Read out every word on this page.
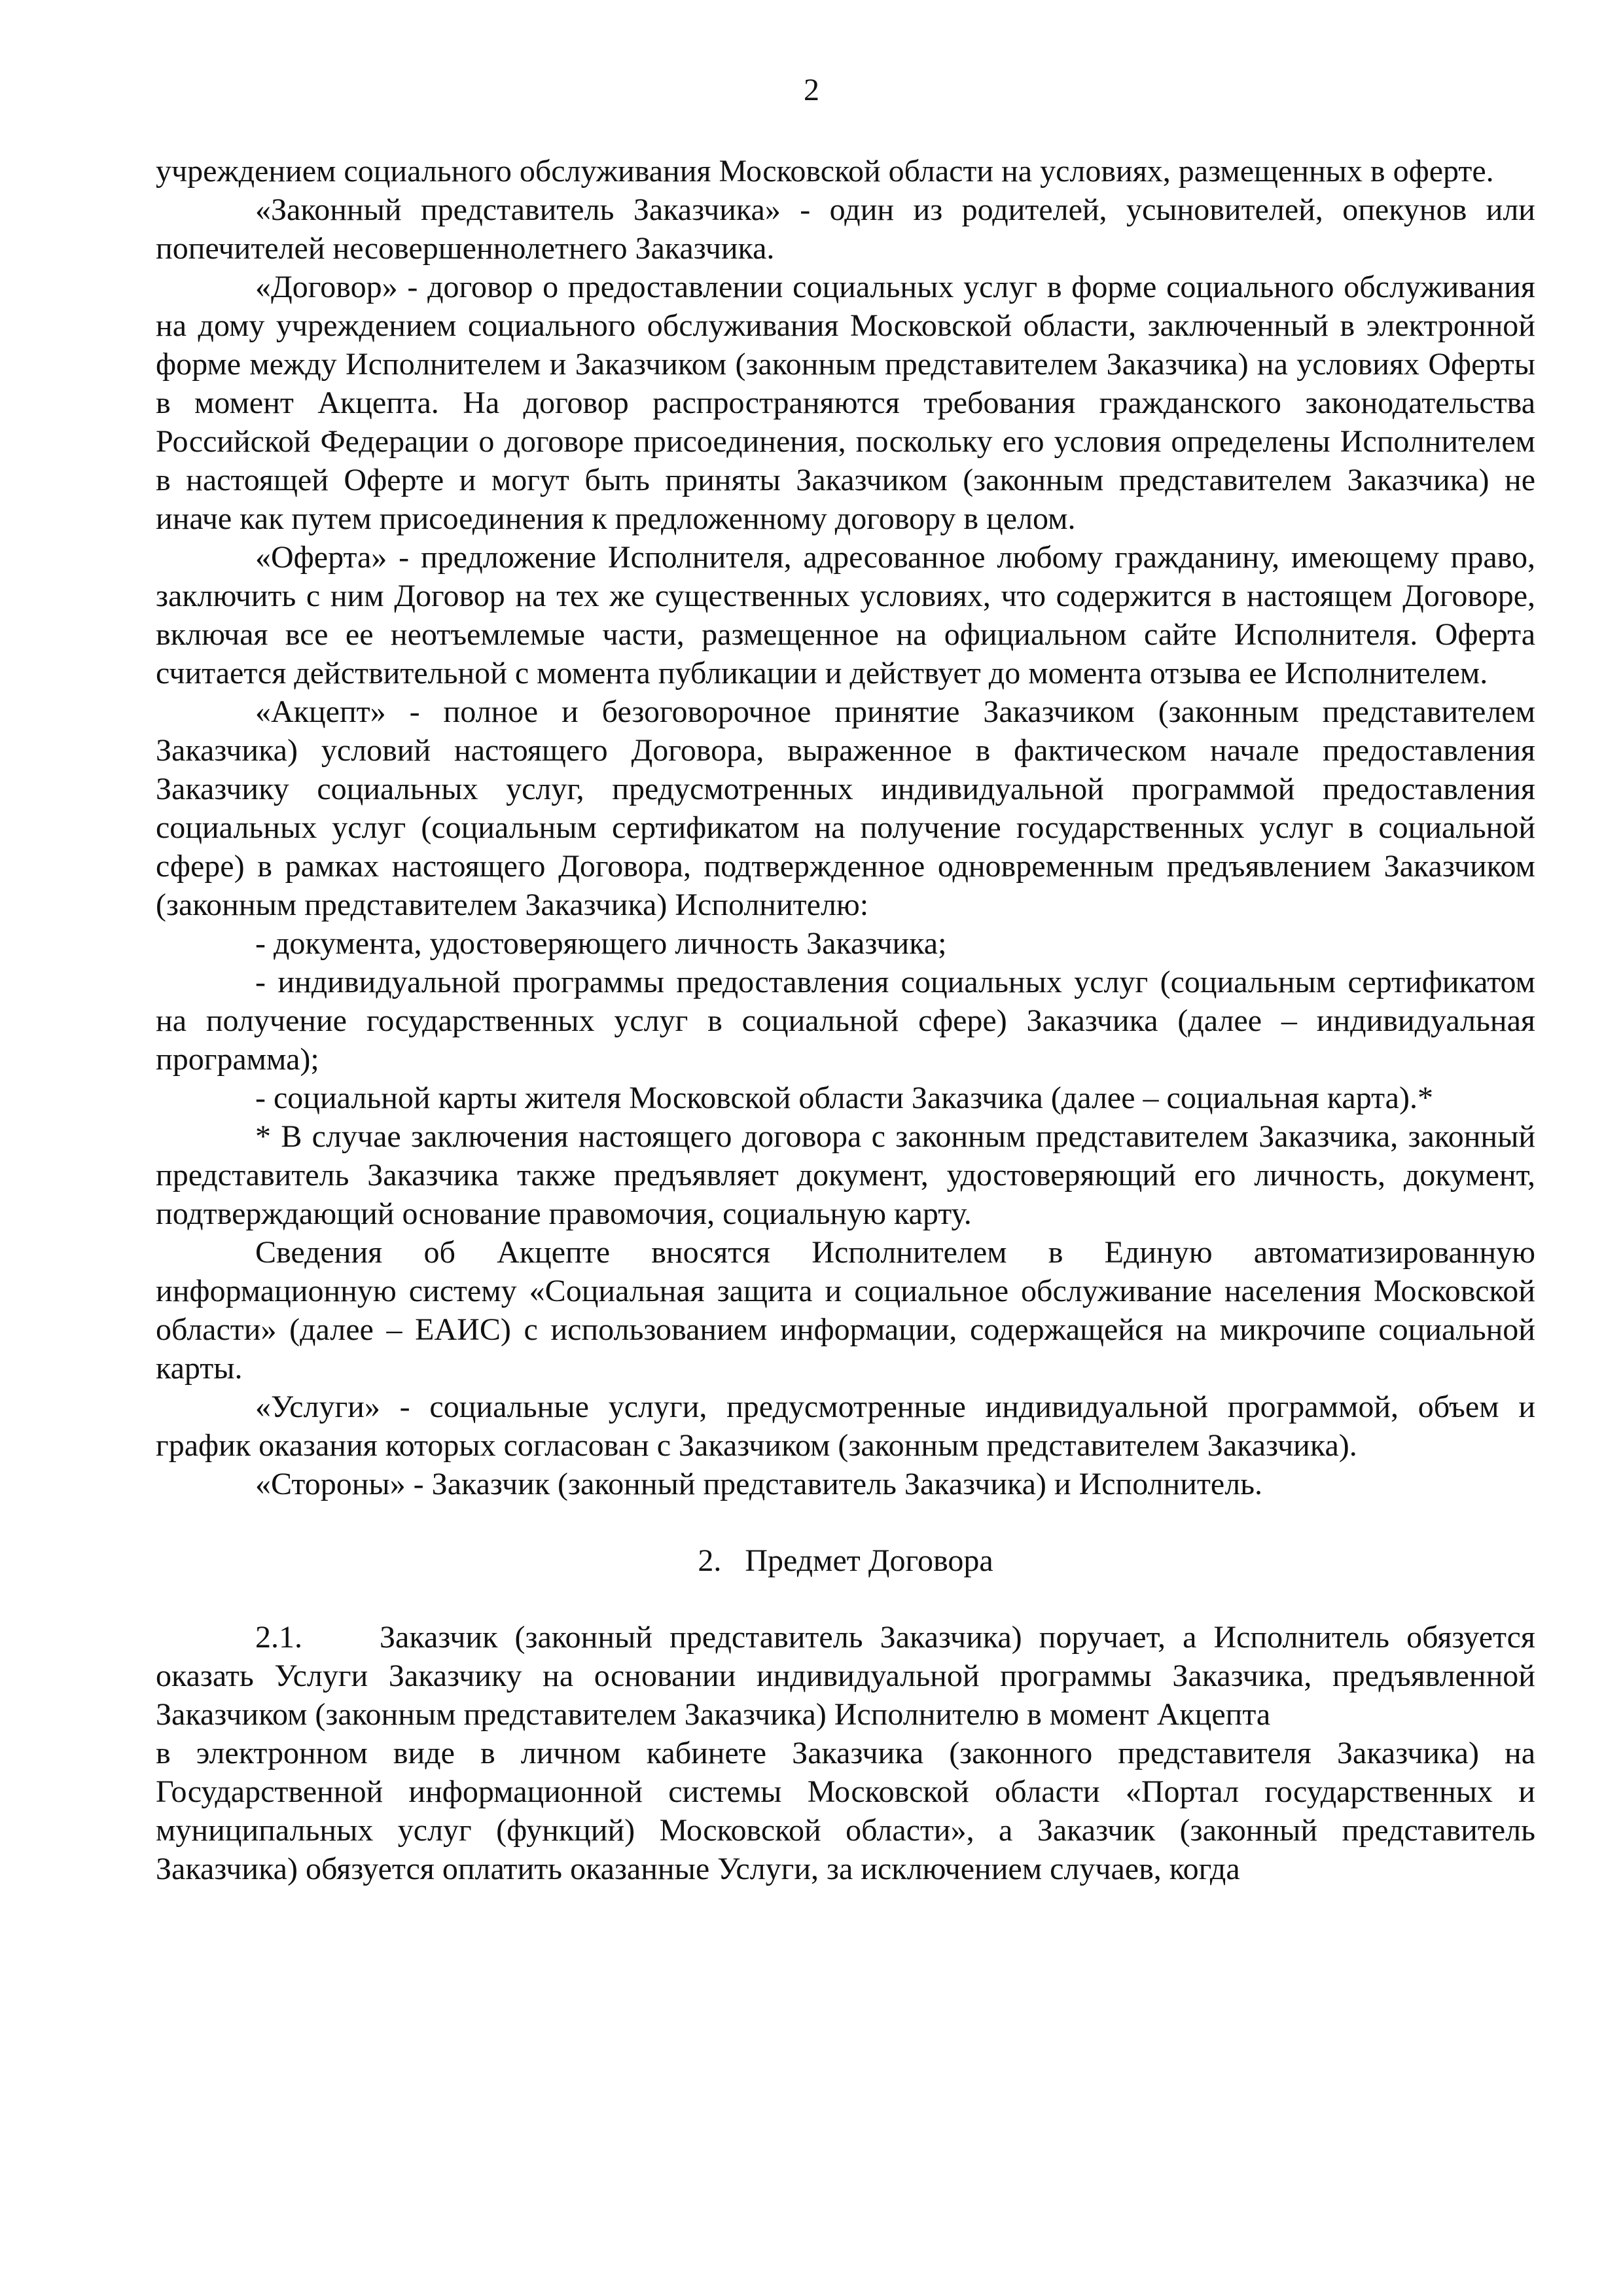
2

учреждением социального обслуживания Московской области на условиях, размещенных в оферте.

«Законный представитель Заказчика» - один из родителей, усыновителей, опекунов или попечителей несовершеннолетнего Заказчика.

«Договор» - договор о предоставлении социальных услуг в форме социального обслуживания на дому учреждением социального обслуживания Московской области, заключенный в электронной форме между Исполнителем и Заказчиком (законным представителем Заказчика) на условиях Оферты в момент Акцепта. На договор распространяются требования гражданского законодательства Российской Федерации о договоре присоединения, поскольку его условия определены Исполнителем в настоящей Оферте и могут быть приняты Заказчиком (законным представителем Заказчика) не иначе как путем присоединения к предложенному договору в целом.

«Оферта» - предложение Исполнителя, адресованное любому гражданину, имеющему право, заключить с ним Договор на тех же существенных условиях, что содержится в настоящем Договоре, включая все ее неотъемлемые части, размещенное на официальном сайте Исполнителя. Оферта считается действительной с момента публикации и действует до момента отзыва ее Исполнителем.

«Акцепт» - полное и безоговорочное принятие Заказчиком (законным представителем Заказчика) условий настоящего Договора, выраженное в фактическом начале предоставления Заказчику социальных услуг, предусмотренных индивидуальной программой предоставления социальных услуг (социальным сертификатом на получение государственных услуг в социальной сфере) в рамках настоящего Договора, подтвержденное одновременным предъявлением Заказчиком (законным представителем Заказчика) Исполнителю:

- документа, удостоверяющего личность Заказчика;

- индивидуальной программы предоставления социальных услуг (социальным сертификатом на получение государственных услуг в социальной сфере) Заказчика (далее – индивидуальная программа);

- социальной карты жителя Московской области Заказчика (далее – социальная карта).*

* В случае заключения настоящего договора с законным представителем Заказчика, законный представитель Заказчика также предъявляет документ, удостоверяющий его личность, документ, подтверждающий основание правомочия, социальную карту.

Сведения об Акцепте вносятся Исполнителем в Единую автоматизированную информационную систему «Социальная защита и социальное обслуживание населения Московской области» (далее – ЕАИС) с использованием информации, содержащейся на микрочипе социальной карты.

«Услуги» - социальные услуги, предусмотренные индивидуальной программой, объем и график оказания которых согласован с Заказчиком (законным представителем Заказчика).

«Стороны» - Заказчик (законный представитель Заказчика) и Исполнитель.

2.   Предмет Договора

2.1. Заказчик (законный представитель Заказчика) поручает, а Исполнитель обязуется оказать Услуги Заказчику на основании индивидуальной программы Заказчика, предъявленной Заказчиком (законным представителем Заказчика) Исполнителю в момент Акцепта

в электронном виде в личном кабинете Заказчика (законного представителя Заказчика) на Государственной информационной системы Московской области «Портал государственных и муниципальных услуг (функций) Московской области», а Заказчик (законный представитель Заказчика) обязуется оплатить оказанные Услуги, за исключением случаев, когда
